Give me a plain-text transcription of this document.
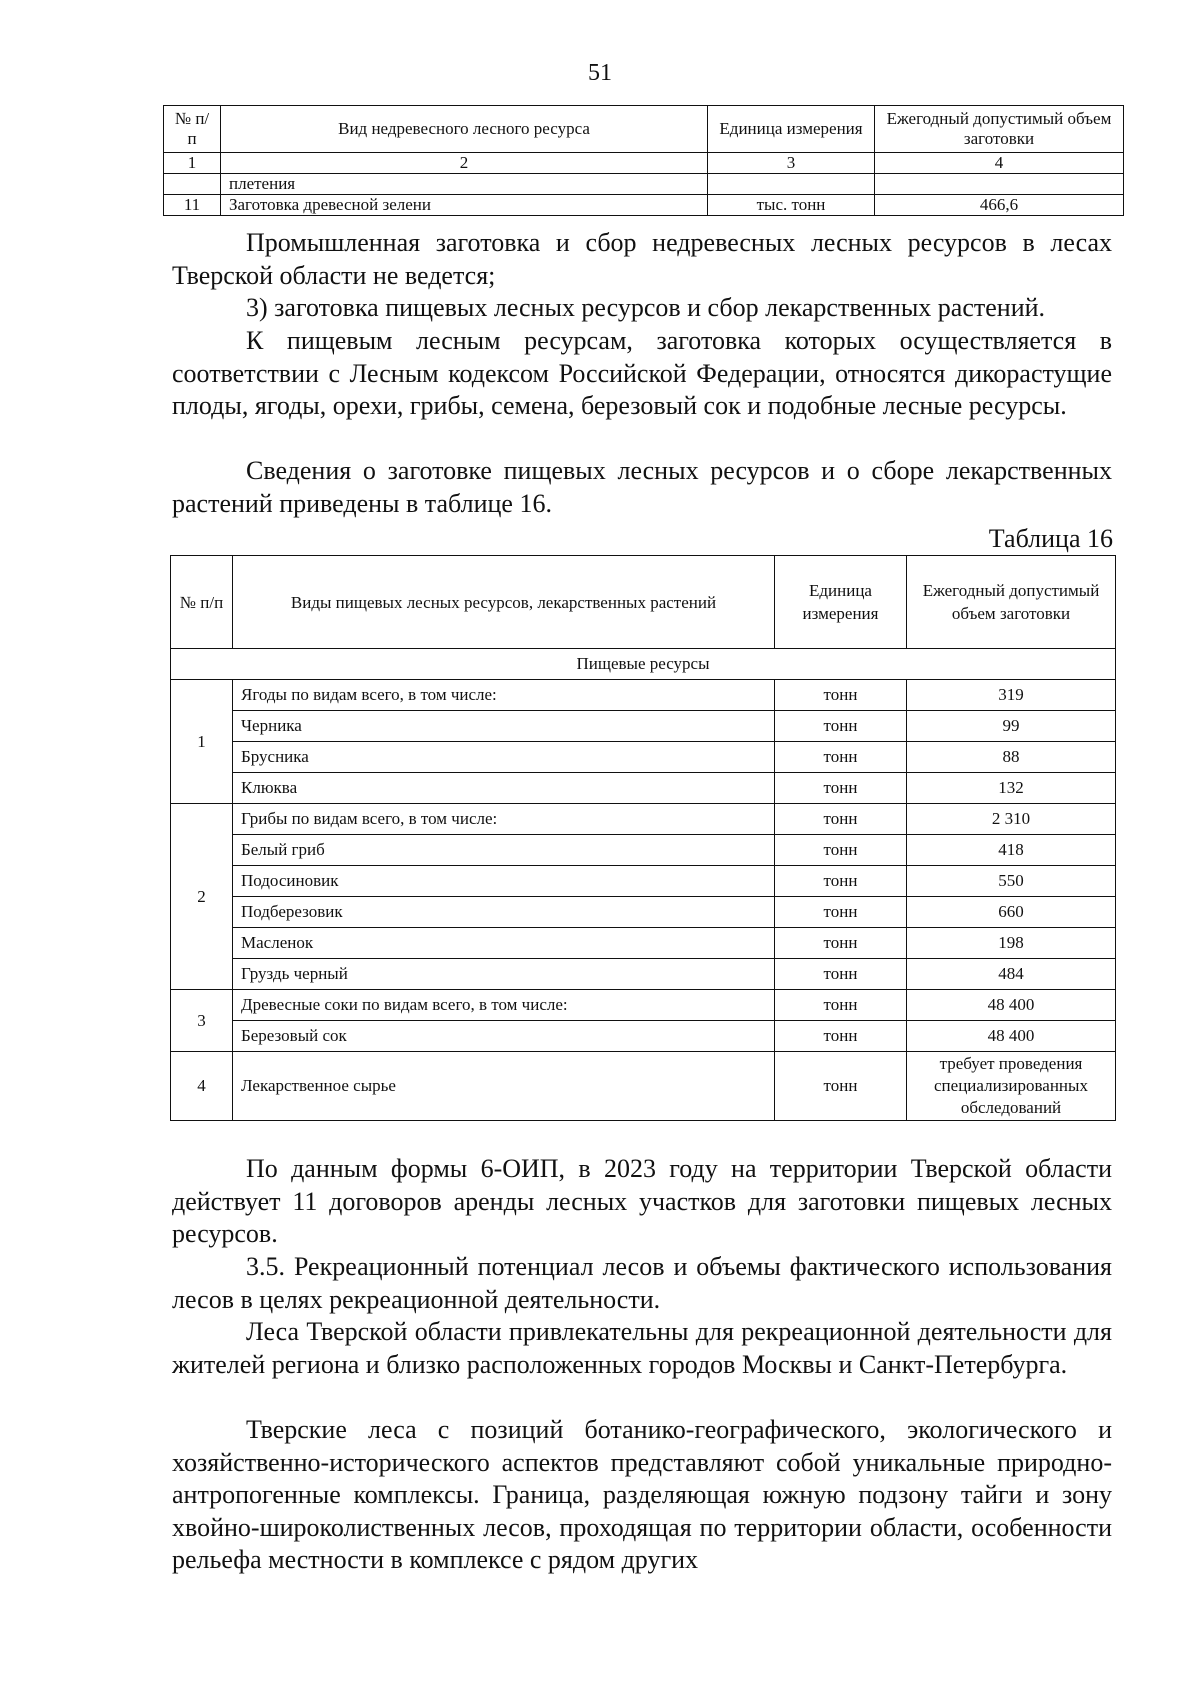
51
№ п/п	Вид недревесного лесного ресурса	Единица измерения	Ежегодный допустимый объем заготовки
1	2	3	4
	плетения		
11	Заготовка древесной зелени	тыс. тонн	466,6

Промышленная заготовка и сбор недревесных лесных ресурсов в лесах Тверской области не ведется;

3) заготовка пищевых лесных ресурсов и сбор лекарственных растений.

К пищевым лесным ресурсам, заготовка которых осуществляется в соответствии с Лесным кодексом Российской Федерации, относятся дикорастущие плоды, ягоды, орехи, грибы, семена, березовый сок и подобные лесные ресурсы.

Сведения о заготовке пищевых лесных ресурсов и о сборе лекарственных растений приведены в таблице 16.

Таблица 16
№ п/п	Виды пищевых лесных ресурсов, лекарственных растений	Единица измерения	Ежегодный допустимый объем заготовки
Пищевые ресурсы			
1	Ягоды по видам всего, в том числе:	тонн	319
	Черника	тонн	99
	Брусника	тонн	88
	Клюква	тонн	132
2	Грибы по видам всего, в том числе:	тонн	2 310
	Белый гриб	тонн	418
	Подосиновик	тонн	550
	Подберезовик	тонн	660
	Масленок	тонн	198
	Груздь черный	тонн	484
3	Древесные соки по видам всего, в том числе:	тонн	48 400
	Березовый сок	тонн	48 400
4	Лекарственное сырье	тонн	требует проведения специализированных обследований

По данным формы 6-ОИП, в 2023 году на территории Тверской области действует 11 договоров аренды лесных участков для заготовки пищевых лесных ресурсов.

3.5. Рекреационный потенциал лесов и объемы фактического использования лесов в целях рекреационной деятельности.

Леса Тверской области привлекательны для рекреационной деятельности для жителей региона и близко расположенных городов Москвы и Санкт-Петербурга.

Тверские леса с позиций ботанико-географического, экологического и хозяйственно-исторического аспектов представляют собой уникальные природно-антропогенные комплексы. Граница, разделяющая южную подзону тайги и зону хвойно-широколиственных лесов, проходящая по территории области, особенности рельефа местности в комплексе с рядом других
